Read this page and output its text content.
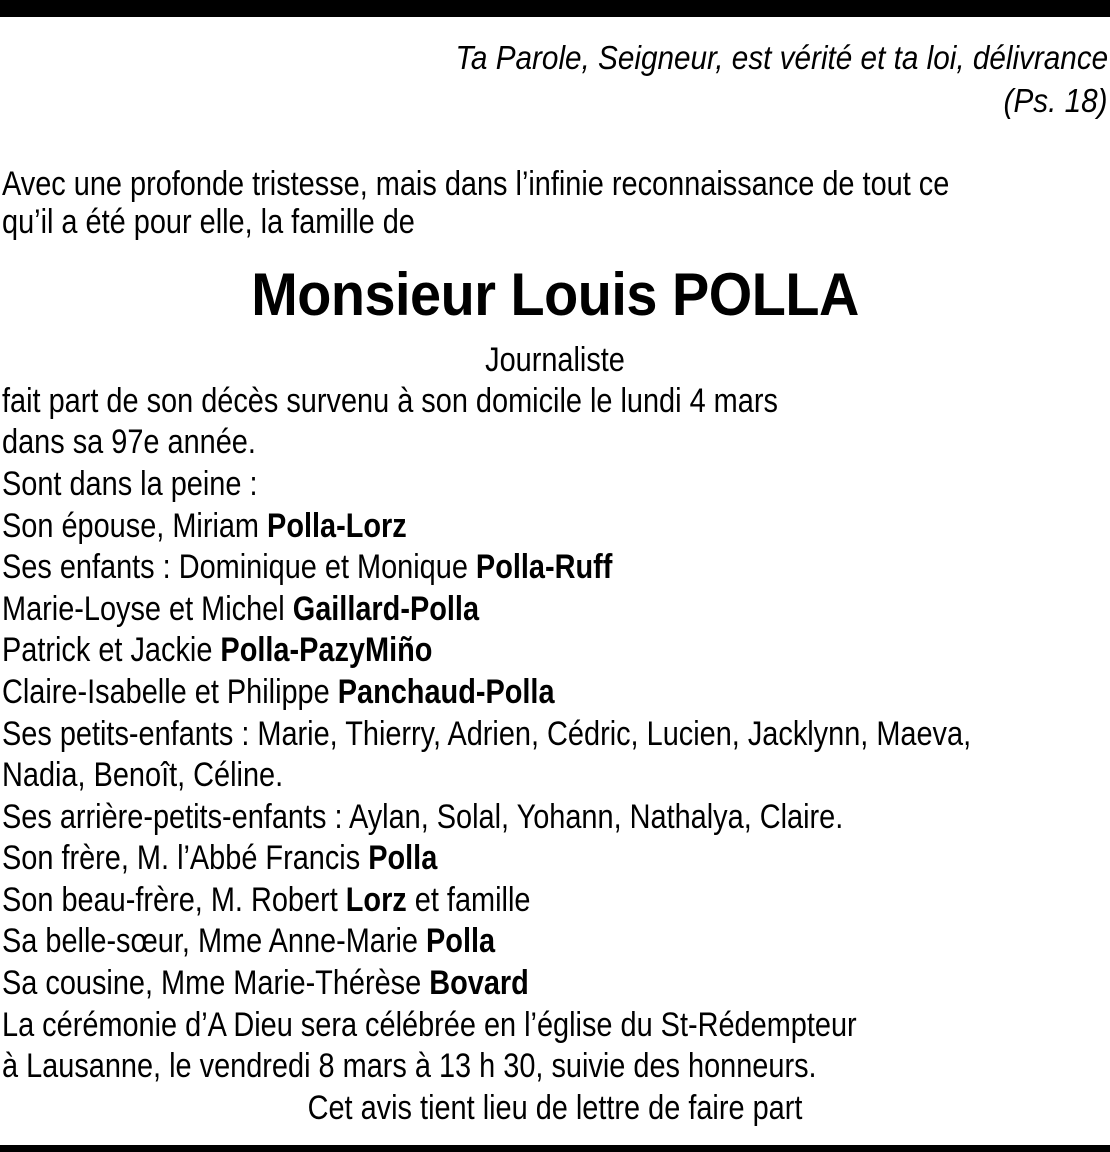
Ta Parole, Seigneur, est vérité et ta loi, délivrance
(Ps. 18)
Avec une profonde tristesse, mais dans l’infinie reconnaissance de tout ce
qu’il a été pour elle, la famille de
Monsieur Louis POLLA
Journaliste
fait part de son décès survenu à son domicile le lundi 4 mars
dans sa 97e année.
Sont dans la peine :
Son épouse, Miriam Polla-Lorz
Ses enfants : Dominique et Monique Polla-Ruff
Marie-Loyse et Michel Gaillard-Polla
Patrick et Jackie Polla-PazyMiño
Claire-Isabelle et Philippe Panchaud-Polla
Ses petits-enfants : Marie, Thierry, Adrien, Cédric, Lucien, Jacklynn, Maeva,
Nadia, Benoît, Céline.
Ses arrière-petits-enfants : Aylan, Solal, Yohann, Nathalya, Claire.
Son frère, M. l’Abbé Francis Polla
Son beau-frère, M. Robert Lorz et famille
Sa belle-sœur, Mme Anne-Marie Polla
Sa cousine, Mme Marie-Thérèse Bovard
La cérémonie d’A Dieu sera célébrée en l’église du St-Rédempteur
à Lausanne, le vendredi 8 mars à 13 h 30, suivie des honneurs.
Cet avis tient lieu de lettre de faire part
